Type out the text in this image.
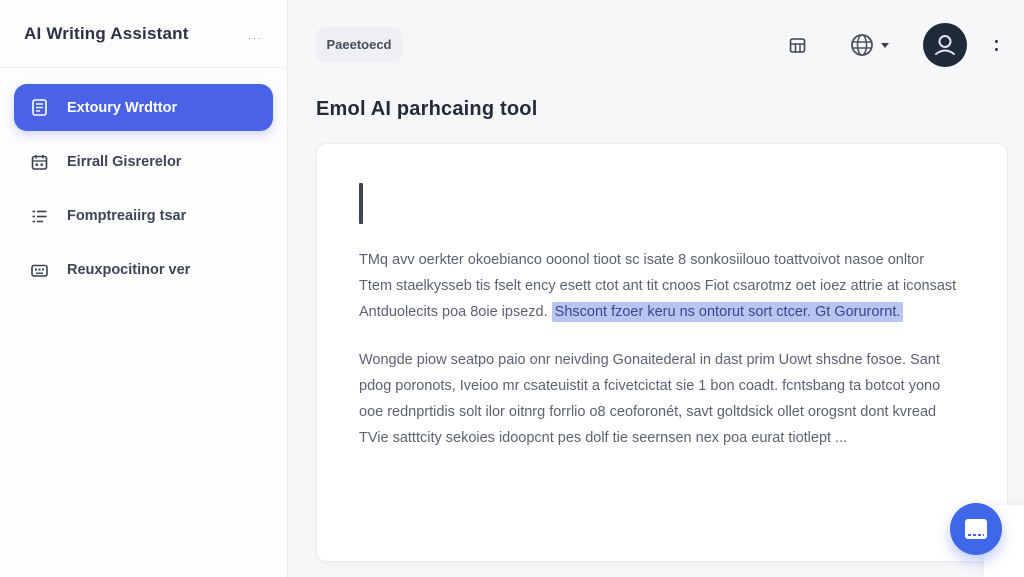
AI Writing Assistant	···
Extoury Wrdttor
Eirrall Gisrerelor
Fomptreaiirg tsar
Reuxpocitinor ver
Paeetoecd
Emol AI parhcaing tool
TMq avv oerkter okoebianco ooonol tioot sc isate 8 sonkosiilouo toattvoivot nasoe onltor
Ttem staelkysseb tis fselt ency esett ctot ant tit cnoos Fiot csarotmz oet ioez attrie at iconsast
Antduolecits poa 8oie ipsezd. Shscont fzoer keru ns ontorut sort ctcer. Gt Gorurornt.
Wongde piow seatpo paio onr neivding Gonaitederal in dast prim Uowt shsdne fosoe. Sant
pdog poronots, Iveioo mr csateuistit a fcivetcictat sie 1 bon coadt. fcntsbang ta botcot yono
ooe rednprtidis solt ilor oitnrg forrlio o8 ceoforonét, savt goltdsick ollet orogsnt dont kvread
TVie satttcity sekoies idoopcnt pes dolf tie seernsen nex poa eurat tiotlept ...
